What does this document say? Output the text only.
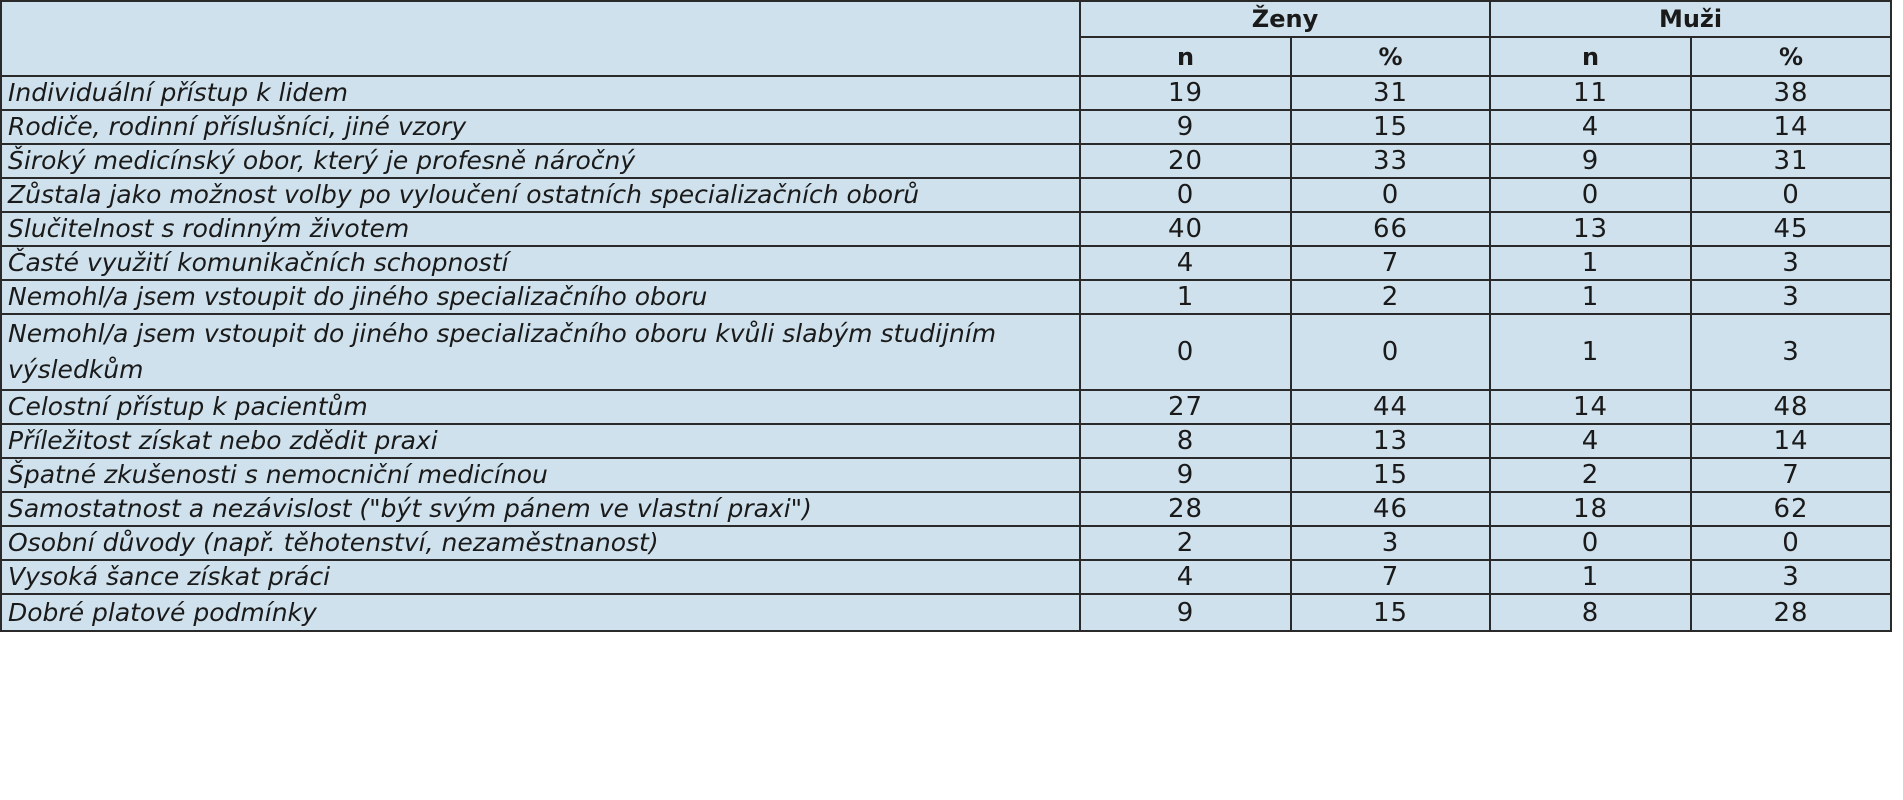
	Ženy		Muži	
	n	%	n	%
Individuální přístup k lidem	19	31	11	38
Rodiče, rodinní příslušníci, jiné vzory	9	15	4	14
Široký medicínský obor, který je profesně náročný	20	33	9	31
Zůstala jako možnost volby po vyloučení ostatních specializačních oborů	0	0	0	0
Slučitelnost s rodinným životem	40	66	13	45
Časté využití komunikačních schopností	4	7	1	3
Nemohl/a jsem vstoupit do jiného specializačního oboru	1	2	1	3
Nemohl/a jsem vstoupit do jiného specializačního oboru kvůli slabým studijním výsledkům	0	0	1	3
Celostní přístup k pacientům	27	44	14	48
Příležitost získat nebo zdědit praxi	8	13	4	14
Špatné zkušenosti s nemocniční medicínou	9	15	2	7
Samostatnost a nezávislost ("být svým pánem ve vlastní praxi")	28	46	18	62
Osobní důvody (např. těhotenství, nezaměstnanost)	2	3	0	0
Vysoká šance získat práci	4	7	1	3
Dobré platové podmínky	9	15	8	28
